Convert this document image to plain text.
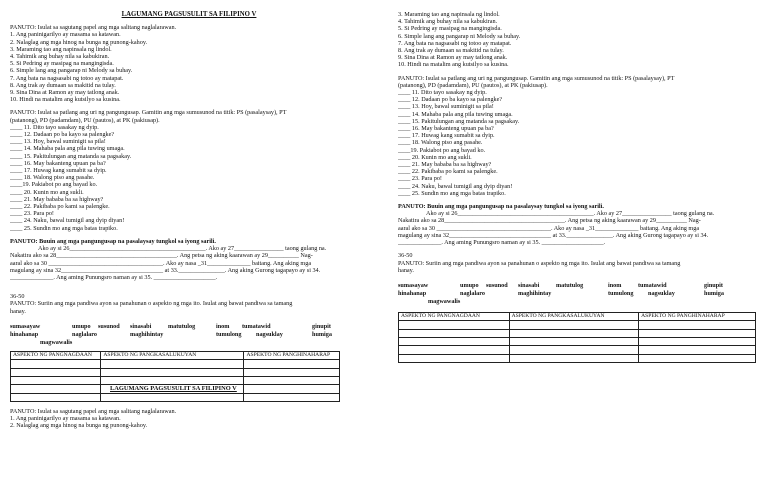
LAGUMANG PAGSUSULIT SA FILIPINO V
PANUTO: Isulat sa sagutang papel ang mga salitang naglalarawan.
1. Ang paninigarilyo ay masama sa katawan.
2. Nalaglag ang mga hinog na bunga ng punong-kahoy.
3. Maraming tao ang napinsala ng lindol.
4. Tahimik ang buhay nila sa kabukiran.
5. Si Pedring ay masipag na mangingisda.
6. Simple lang ang pangarap ni Melody sa buhay.
7. Ang bata na nagsasabi ng totoo ay matapat.
8. Ang trak ay dumaan sa makitid na tulay.
9. Sina Dina at Ramon ay may tatlong anak.
10. Hindi na matalim ang kutsilyo sa kusina.
PANUTO: Isulat sa patlang ang uri ng pangungusap. Gamitin ang mga sumusunod na titik: PS (pasalaysay), PT
(patanong), PD (padamdam), PU (pautos), at PK (pakiusap).
____ 11. Dito tayo sasakay ng dyip.
____ 12. Dadaan po ba kayo sa palengke?
____ 13. Hoy, bawal suminigit sa pila!
____ 14. Mahaba pala ang pila tuwing umaga.
____ 15. Pakitulungan ang matanda sa pagsakay.
____ 16. May bakanteng upuan pa ba?
____ 17. Huwag kang sumabit sa dyip.
____ 18. Walong piso ang pasahe.
____19. Pakiabot po ang bayad ko.
____ 20. Kunin mo ang sukli.
____ 21. May bababa ba sa highway?
____ 22. Pakibaba po kami sa palengke.
____ 23. Para po!
____ 24. Naku, bawal tumigil ang dyip diyan!
____ 25. Sundin mo ang mga batas trapiko.
PANUTO: Buuin ang mga pangungusap na pasalaysay tungkol sa iyong sarili.
Ako ay si 26____________________________________________. Ako ay 27________________ taong gulang na.
Nakatira ako sa 28_______________________________________. Ang petsa ng aking kaarawan ay 29__________ Nag-
aaral ako sa 30 _____________________________________. Ako ay nasa _31______________ baitang. Ang aking mga
magulang ay sina 32_________________________________ at 33._______________. Ang aking Gurong tagapayo ay si 34.
______________. Ang aming Punungsro naman ay si 35. ____________________.
36-50
PANUTO: Suriin ang mga pandiwa ayon sa panahunan o aspekto ng mga ito. Isulat ang bawat pandiwa sa tamang
hanay.
sumasayaw	umupo susunod sinasabi	matutulog	inom tumatawid	ginupit
hinahanap	naglalaro	maghihintay	tumulong nagsuklay	humiga
magwawalis
ASPEKTO NG PANGNAGDAAN	ASPEKTO NG PANGKASALUKUYAN	ASPEKTO NG PANGHINAHARAP

	LAGUMANG PAGSUSULIT SA FILIPINO V	

PANUTO: Isulat sa sagutang papel ang mga salitang naglalarawan.
1. Ang paninigarilyo ay masama sa katawan.
2. Nalaglag ang mga hinog na bunga ng punong-kahoy.
3. Maraming tao ang napinsala ng lindol.
4. Tahimik ang buhay nila sa kabukiran.
5. Si Pedring ay masipag na mangingisda.
6. Simple lang ang pangarap ni Melody sa buhay.
7. Ang bata na nagsasabi ng totoo ay matapat.
8. Ang trak ay dumaan sa makitid na tulay.
9. Sina Dina at Ramon ay may tatlong anak.
10. Hindi na matalim ang kutsilyo sa kusina.
PANUTO: Isulat sa patlang ang uri ng pangungusap. Gamitin ang mga sumusunod na titik: PS (pasalaysay), PT
(patanong), PD (padamdam), PU (pautos), at PK (pakiusap).
____ 11. Dito tayo sasakay ng dyip.
____ 12. Dadaan po ba kayo sa palengke?
____ 13. Hoy, bawal suminigit sa pila!
____ 14. Mahaba pala ang pila tuwing umaga.
____ 15. Pakitulungan ang matanda sa pagsakay.
____ 16. May bakanteng upuan pa ba?
____ 17. Huwag kang sumabit sa dyip.
____ 18. Walong piso ang pasahe.
____19. Pakiabot po ang bayad ko.
____ 20. Kunin mo ang sukli.
____ 21. May bababa ba sa highway?
____ 22. Pakibaba po kami sa palengke.
____ 23. Para po!
____ 24. Naku, bawal tumigil ang dyip diyan!
____ 25. Sundin mo ang mga batas trapiko.
PANUTO: Buuin ang mga pangungusap na pasalaysay tungkol sa iyong sarili.
Ako ay si 26____________________________________________. Ako ay 27________________ taong gulang na.
Nakatira ako sa 28_______________________________________. Ang petsa ng aking kaarawan ay 29__________ Nag-
aaral ako sa 30 _____________________________________. Ako ay nasa _31______________ baitang. Ang aking mga
magulang ay sina 32_________________________________ at 33._______________. Ang aking Gurong tagapayo ay si 34.
______________. Ang aming Punungsro naman ay si 35. ____________________.
36-50
PANUTO: Suriin ang mga pandiwa ayon sa panahunan o aspekto ng mga ito. Isulat ang bawat pandiwa sa tamang
hanay.
sumasayaw	umupo susunod sinasabi	matutulog	inom	tumatawid	ginupit
hinahanap	naglalaro	maghihintay	tumulong nagsuklay	humiga
magwawalis
ASPEKTO NG PANGNAGDAAN	ASPEKTO NG PANGKASALUKUYAN	ASPEKTO NG PANGHINAHARAP
